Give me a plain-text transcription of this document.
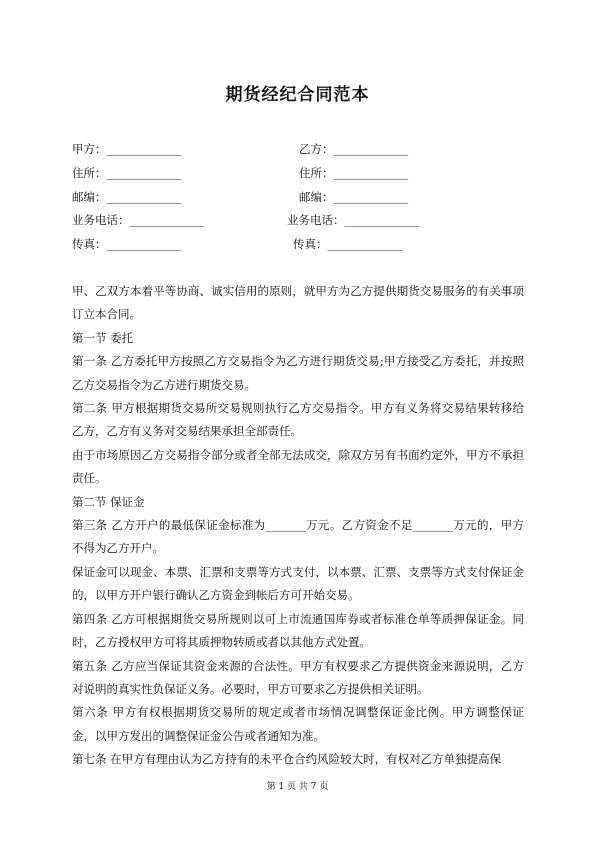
期货经纪合同范本
甲方：_____________
住所：_____________
邮编：_____________
业务电话：_____________
传真：_____________
乙方：_____________
住所：_____________
邮编：_____________
业务电话：_____________
传真：_____________

甲、乙双方本着平等协商、诚实信用的原则，就甲方为乙方提供期货交易服务的有关事项订立本合同。

第一节 委托

第一条 乙方委托甲方按照乙方交易指令为乙方进行期货交易;甲方接受乙方委托，并按照乙方交易指令为乙方进行期货交易。

第二条 甲方根据期货交易所交易规则执行乙方交易指令。甲方有义务将交易结果转移给乙方，乙方有义务对交易结果承担全部责任。

由于市场原因乙方交易指令部分或者全部无法成交，除双方另有书面约定外，甲方不承担责任。

第二节 保证金

第三条 乙方开户的最低保证金标准为_______万元。乙方资金不足_______万元的，甲方不得为乙方开户。

保证金可以现金、本票、汇票和支票等方式支付，以本票、汇票、支票等方式支付保证金的，以甲方开户银行确认乙方资金到帐后方可开始交易。

第四条 乙方可根据期货交易所规则以可上市流通国库券或者标准仓单等质押保证金。同时，乙方授权甲方可将其质押物转质或者以其他方式处置。

第五条 乙方应当保证其资金来源的合法性。甲方有权要求乙方提供资金来源说明，乙方对说明的真实性负保证义务。必要时，甲方可要求乙方提供相关证明。

第六条 甲方有权根据期货交易所的规定或者市场情况调整保证金比例。甲方调整保证金，以甲方发出的调整保证金公告或者通知为准。

第七条 在甲方有理由认为乙方持有的未平仓合约风险较大时，有权对乙方单独提高保

第 1 页 共 7 页
